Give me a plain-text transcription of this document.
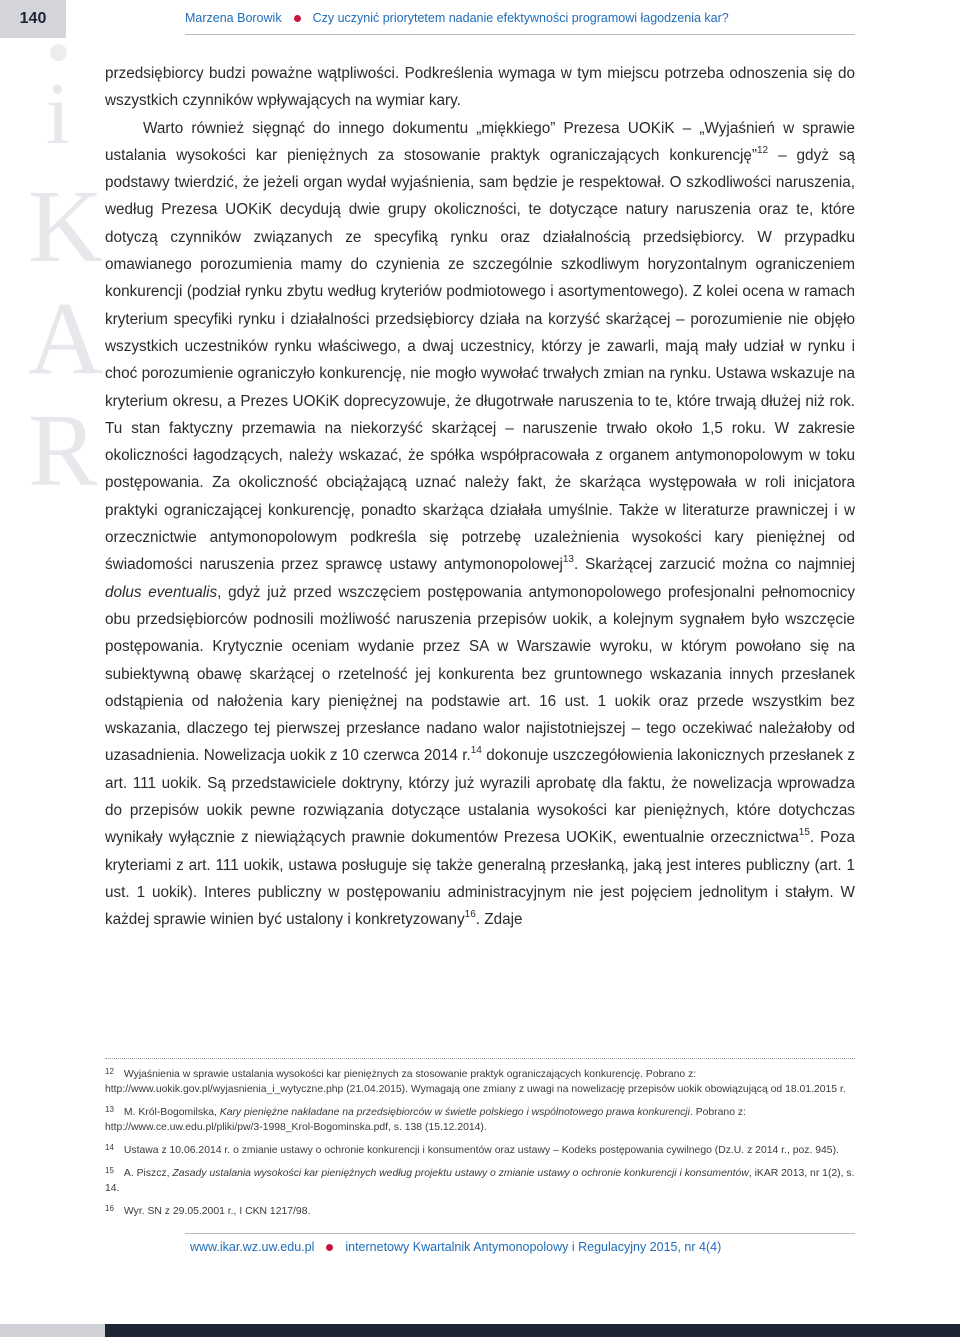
140	Marzena Borowik Czy uczynić priorytetem nadanie efektywności programowi łagodzenia kar?
i
K
A
R

przedsiębiorcy budzi poważne wątpliwości. Podkreślenia wymaga w tym miejscu potrzeba odnoszenia się do wszystkich czynników wpływających na wymiar kary.

Warto również sięgnąć do innego dokumentu „miękkiego” Prezesa UOKiK – „Wyjaśnień w sprawie ustalania wysokości kar pieniężnych za stosowanie praktyk ograniczających konkurencję”$^{12}$ – gdyż są podstawy twierdzić, że jeżeli organ wydał wyjaśnienia, sam będzie je respektował. O szkodliwości naruszenia, według Prezesa UOKiK decydują dwie grupy okoliczności, te dotyczące natury naruszenia oraz te, które dotyczą czynników związanych ze specyfiką rynku oraz działalnością przedsiębiorcy. W przypadku omawianego porozumienia mamy do czynienia ze szczególnie szkodliwym horyzontalnym ograniczeniem konkurencji (podział rynku zbytu według kryteriów podmiotowego i asortymentowego). Z kolei ocena w ramach kryterium specyfiki rynku i działalności przedsiębiorcy działa na korzyść skarżącej – porozumienie nie objęło wszystkich uczestników rynku właściwego, a dwaj uczestnicy, którzy je zawarli, mają mały udział w rynku i choć porozumienie ograniczyło konkurencję, nie mogło wywołać trwałych zmian na rynku. Ustawa wskazuje na kryterium okresu, a Prezes UOKiK doprecyzowuje, że długotrwałe naruszenia to te, które trwają dłużej niż rok. Tu stan faktyczny przemawia na niekorzyść skarżącej – naruszenie trwało około 1,5 roku. W zakresie okoliczności łagodzących, należy wskazać, że spółka współpracowała z organem antymonopolowym w toku postępowania. Za okoliczność obciążającą uznać należy fakt, że skarżąca występowała w roli inicjatora praktyki ograniczającej konkurencję, ponadto skarżąca działała umyślnie. Także w literaturze prawniczej i w orzecznictwie antymonopolowym podkreśla się potrzebę uzależnienia wysokości kary pieniężnej od świadomości naruszenia przez sprawcę ustawy antymonopolowej$^{13}$. Skarżącej zarzucić można co najmniej dolus eventualis, gdyż już przed wszczęciem postępowania antymonopolowego profesjonalni pełnomocnicy obu przedsiębiorców podnosili możliwość naruszenia przepisów uokik, a kolejnym sygnałem było wszczęcie postępowania. Krytycznie oceniam wydanie przez SA w Warszawie wyroku, w którym powołano się na subiektywną obawę skarżącej o rzetelność jej konkurenta bez gruntownego wskazania innych przesłanek odstąpienia od nałożenia kary pieniężnej na podstawie art. 16 ust. 1 uokik oraz przede wszystkim bez wskazania, dlaczego tej pierwszej przesłance nadano walor najistotniejszej – tego oczekiwać należałoby od uzasadnienia. Nowelizacja uokik z 10 czerwca 2014 r.$^{14}$ dokonuje uszczegółowienia lakonicznych przesłanek z art. 111 uokik. Są przedstawiciele doktryny, którzy już wyrazili aprobatę dla faktu, że nowelizacja wprowadza do przepisów uokik pewne rozwiązania dotyczące ustalania wysokości kar pieniężnych, które dotychczas wynikały wyłącznie z niewiążących prawnie dokumentów Prezesa UOKiK, ewentualnie orzecznictwa$^{15}$. Poza kryteriami z art. 111 uokik, ustawa posługuje się także generalną przesłanką, jaką jest interes publiczny (art. 1 ust. 1 uokik). Interes publiczny w postępowaniu administracyjnym nie jest pojęciem jednolitym i stałym. W każdej sprawie winien być ustalony i konkretyzowany$^{16}$. Zdaje

$^{12}$ Wyjaśnienia w sprawie ustalania wysokości kar pieniężnych za stosowanie praktyk ograniczających konkurencję. Pobrano z: http://www.uokik.gov.pl/wyjasnienia_i_wytyczne.php (21.04.2015). Wymagają one zmiany z uwagi na nowelizację przepisów uokik obowiązującą od 18.01.2015 r.
$^{13}$ M. Król-Bogomilska, Kary pieniężne nakładane na przedsiębiorców w świetle polskiego i wspólnotowego prawa konkurencji. Pobrano z: http://www.ce.uw.edu.pl/pliki/pw/3-1998_Krol-Bogominska.pdf, s. 138 (15.12.2014).
$^{14}$ Ustawa z 10.06.2014 r. o zmianie ustawy o ochronie konkurencji i konsumentów oraz ustawy – Kodeks postępowania cywilnego (Dz.U. z 2014 r., poz. 945).
$^{15}$ A. Piszcz, Zasady ustalania wysokości kar pieniężnych według projektu ustawy o zmianie ustawy o ochronie konkurencji i konsumentów, iKAR 2013, nr 1(2), s. 14.
$^{16}$ Wyr. SN z 29.05.2001 r., I CKN 1217/98.
www.ikar.wz.uw.edu.pl internetowy Kwartalnik Antymonopolowy i Regulacyjny 2015, nr 4(4)
